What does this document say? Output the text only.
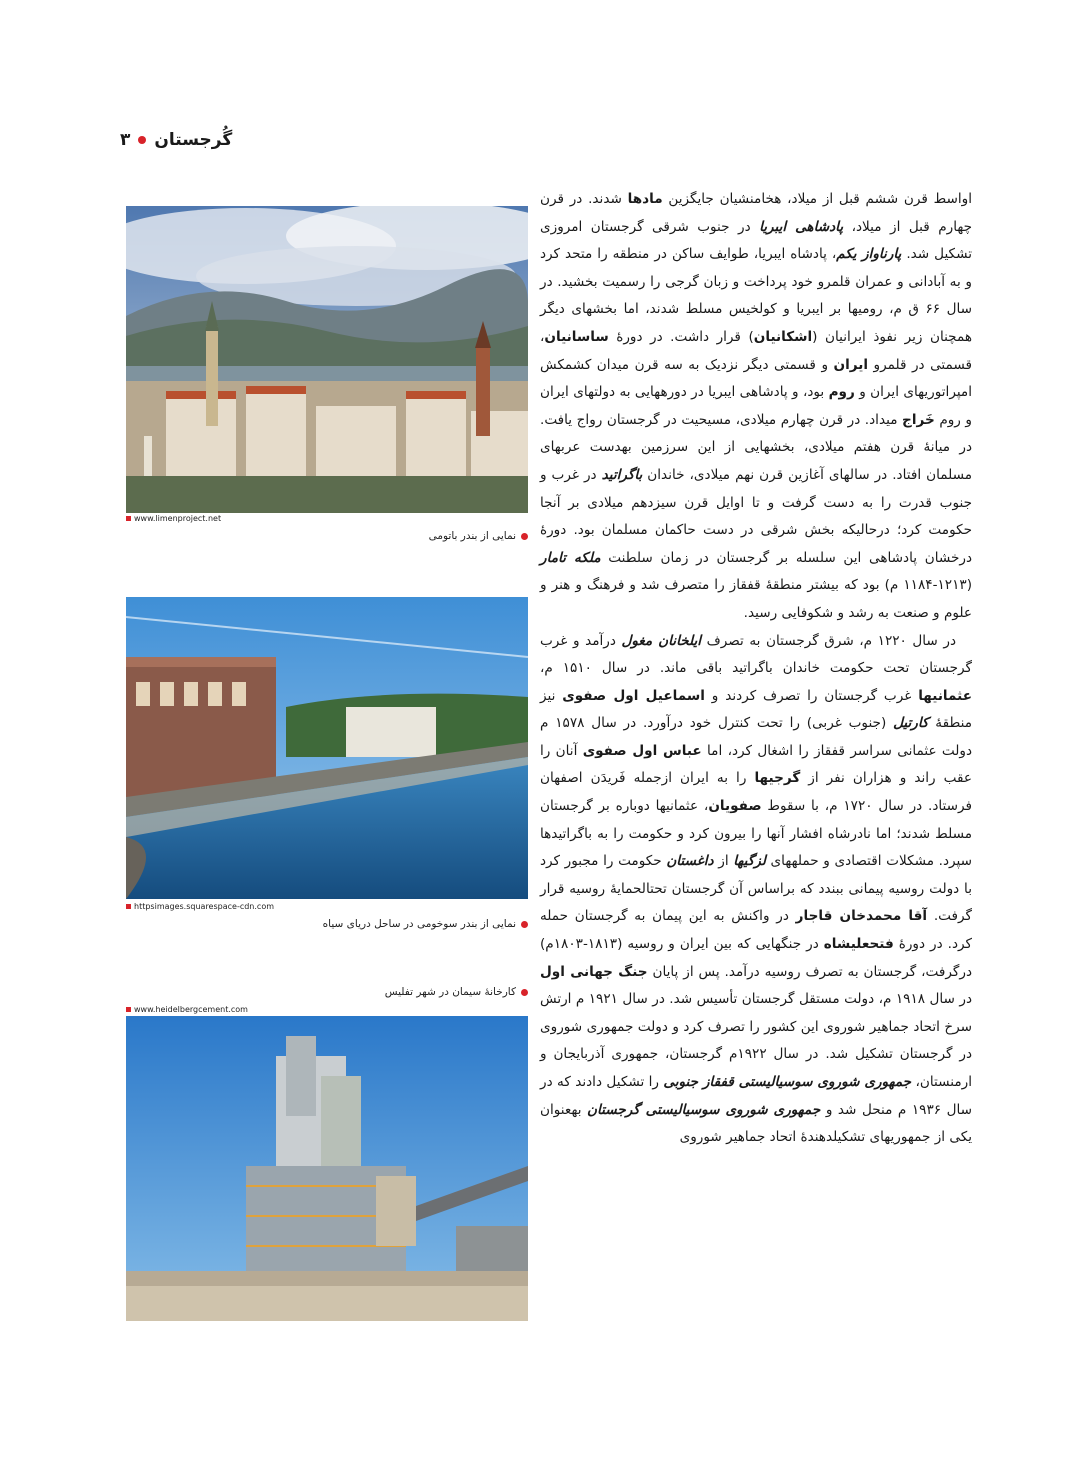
گُرجستان
۳
www.limenproject.net
نمایی از بندر باتومی
httpsimages.squarespace-cdn.com
نمایی از بندر سوخومی در ساحل دریای سیاه
کارخانۀ سیمان در شهر تفلیس
www.heidelbergcement.com

اواسط قرن ششم قبل از میلاد، هخامنشیان جایگزین مادها شدند. در قرن چهارم قبل از میلاد، پادشاهی ایبریا در جنوب شرقی گرجستان امروزی تشکیل شد. پارناواز یکم، پادشاه ایبریا، طوایف ساکن در منطقه را متحد کرد و به آبادانی و عمران قلمرو خود پرداخت و زبان گرجی را رسمیت بخشید. در سال ۶۶ ق م، رومیها بر ایبریا و کولخیس مسلط شدند، اما بخشهای دیگر همچنان زیر نفوذ ایرانیان (اشکانیان) قرار داشت. در دورۀ ساسانیان، قسمتی در قلمرو ایران و قسمتی دیگر نزدیک به سه قرن میدان کشمکش امپراتوریهای ایران و روم بود، و پادشاهی ایبریا در دورههایی به دولتهای ایران و روم خَراج میداد. در قرن چهارم میلادی، مسیحیت در گرجستان رواج یافت. در میانۀ قرن هفتم میلادی، بخشهایی از این سرزمین بهدست عربهای مسلمان افتاد. در سالهای آغازین قرن نهم میلادی، خاندان باگراتید در غرب و جنوب قدرت را به دست گرفت و تا اوایل قرن سیزدهم میلادی بر آنجا حکومت کرد؛ درحالیکه بخش شرقی در دست حاکمان مسلمان بود. دورۀ درخشان پادشاهی این سلسله بر گرجستان در زمان سلطنت ملکه تامار (۱۲۱۳-۱۱۸۴ م) بود که بیشتر منطقۀ قفقاز را متصرف شد و فرهنگ و هنر و علوم و صنعت به رشد و شکوفایی رسید.

در سال ۱۲۲۰ م، شرق گرجستان به تصرف ایلخانان مغول درآمد و غرب گرجستان تحت حکومت خاندان باگراتید باقی ماند. در سال ۱۵۱۰ م، عثمانیها غرب گرجستان را تصرف کردند و اسماعیل اول صفوی نیز منطقۀ کارتیل (جنوب غربی) را تحت کنترل خود درآورد. در سال ۱۵۷۸ م دولت عثمانی سراسر قفقاز را اشغال کرد، اما عباس اول صفوی آنان را عقب راند و هزاران نفر از گرجیها را به ایران ازجمله فَریدَن اصفهان فرستاد. در سال ۱۷۲۰ م، با سقوط صفویان، عثمانیها دوباره بر گرجستان مسلط شدند؛ اما نادرشاه افشار آنها را بیرون کرد و حکومت را به باگراتیدها سپرد. مشکلات اقتصادی و حملههای لزگیها از داغستان حکومت را مجبور کرد با دولت روسیه پیمانی ببندد که براساس آن گرجستان تحتالحمایۀ روسیه قرار گرفت. آقا محمدخان قاجار در واکنش به این پیمان به گرجستان حمله کرد. در دورۀ فتحعلیشاه در جنگهایی که بین ایران و روسیه (۱۸۱۳-۱۸۰۳م) درگرفت، گرجستان به تصرف روسیه درآمد. پس از پایان جنگ جهانی اول در سال ۱۹۱۸ م، دولت مستقل گرجستان تأسیس شد. در سال ۱۹۲۱ م ارتش سرخ اتحاد جماهیر شوروی این کشور را تصرف کرد و دولت جمهوری شوروی در گرجستان تشکیل شد. در سال ۱۹۲۲م گرجستان، جمهوری آذربایجان و ارمنستان، جمهوری شوروی سوسیالیستی قفقاز جنوبی را تشکیل دادند که در سال ۱۹۳۶ م منحل شد و جمهوری شوروی سوسیالیستی گرجستان بهعنوان یکی از جمهوریهای تشکیلدهندۀ اتحاد جماهیر شوروی
